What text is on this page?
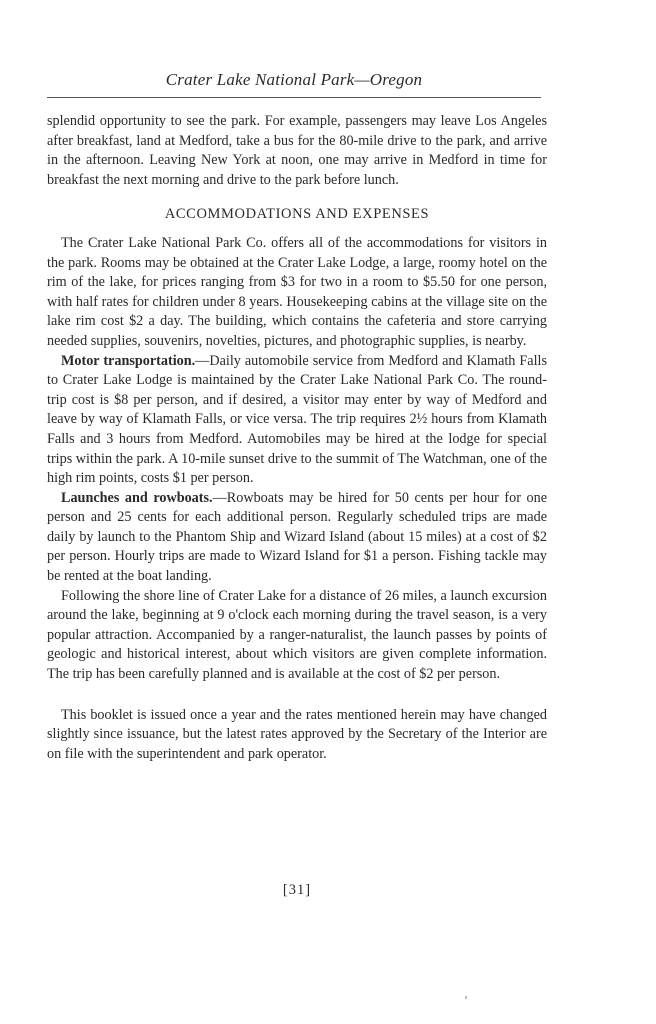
Crater Lake National Park—Oregon

splendid opportunity to see the park. For example, passengers may leave Los Angeles after breakfast, land at Medford, take a bus for the 80-mile drive to the park, and arrive in the afternoon. Leaving New York at noon, one may arrive in Medford in time for breakfast the next morning and drive to the park before lunch.

ACCOMMODATIONS AND EXPENSES

The Crater Lake National Park Co. offers all of the accommodations for visitors in the park. Rooms may be obtained at the Crater Lake Lodge, a large, roomy hotel on the rim of the lake, for prices ranging from $3 for two in a room to $5.50 for one person, with half rates for children under 8 years. Housekeeping cabins at the village site on the lake rim cost $2 a day. The building, which contains the cafeteria and store carrying needed supplies, souvenirs, novelties, pictures, and photographic supplies, is nearby.

Motor transportation.—Daily automobile service from Medford and Klamath Falls to Crater Lake Lodge is maintained by the Crater Lake National Park Co. The round-trip cost is $8 per person, and if desired, a visitor may enter by way of Medford and leave by way of Klamath Falls, or vice versa. The trip requires 2½ hours from Klamath Falls and 3 hours from Medford. Automobiles may be hired at the lodge for special trips within the park. A 10-mile sunset drive to the summit of The Watchman, one of the high rim points, costs $1 per person.

Launches and rowboats.—Rowboats may be hired for 50 cents per hour for one person and 25 cents for each additional person. Regularly scheduled trips are made daily by launch to the Phantom Ship and Wizard Island (about 15 miles) at a cost of $2 per person. Hourly trips are made to Wizard Island for $1 a person. Fishing tackle may be rented at the boat landing.

Following the shore line of Crater Lake for a distance of 26 miles, a launch excursion around the lake, beginning at 9 o'clock each morning during the travel season, is a very popular attraction. Accompanied by a ranger-naturalist, the launch passes by points of geologic and historical interest, about which visitors are given complete information. The trip has been carefully planned and is available at the cost of $2 per person.

This booklet is issued once a year and the rates mentioned herein may have changed slightly since issuance, but the latest rates approved by the Secretary of the Interior are on file with the superintendent and park operator.

[31]
